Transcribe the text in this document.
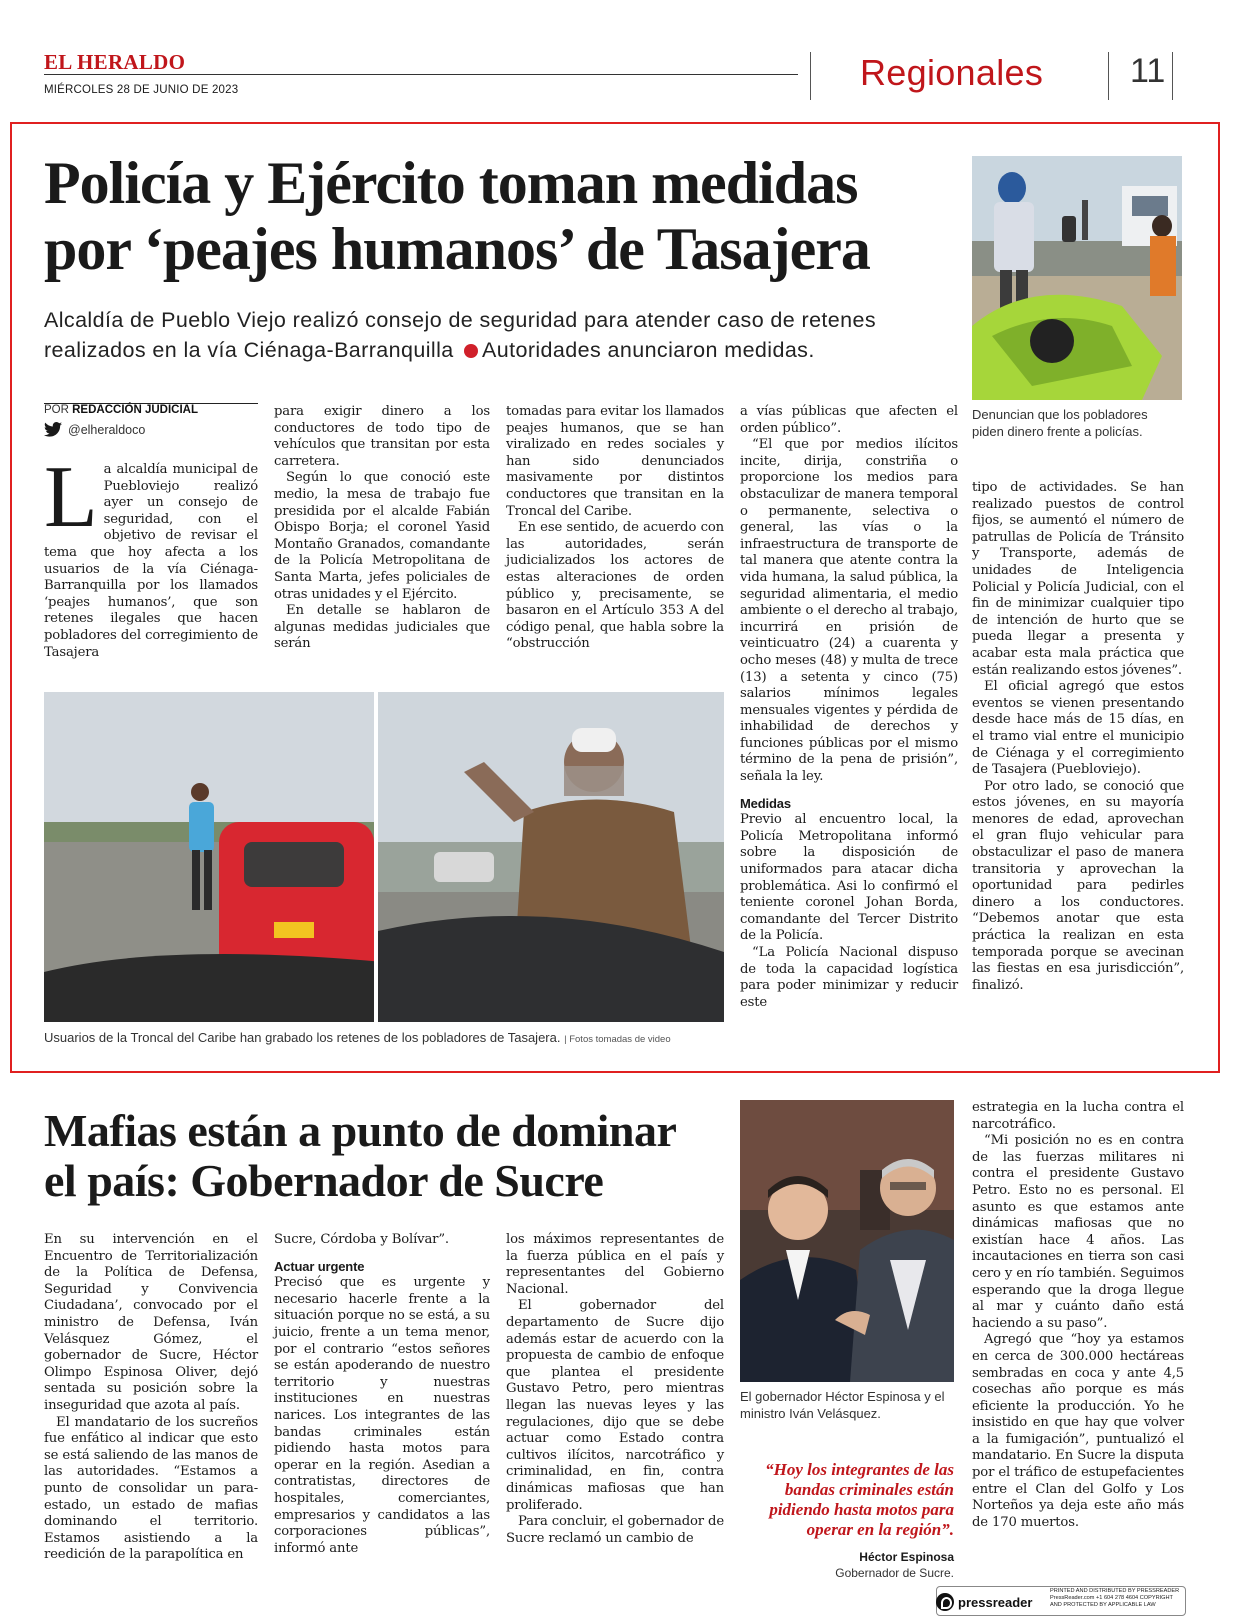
EL HERALDO
MIÉRCOLES 28 DE JUNIO DE 2023	Regionales	11
Policía y Ejército toman medidas
por ‘peajes humanos’ de Tasajera
Alcaldía de Pueblo Viejo realizó consejo de seguridad para atender caso de retenes realizados en la vía Ciénaga-Barranquilla Autoridades anunciaron medidas.
Denuncian que los pobladores piden dinero frente a policías.
POR REDACCIÓN JUDICIAL
@elheraldoco

La alcaldía municipal de Puebloviejo realizó ayer un consejo de seguridad, con el objetivo de revisar el tema que hoy afecta a los usuarios de la vía Ciénaga-Barranquilla por los llamados ‘peajes humanos’, que son retenes ilegales que hacen pobladores del corregimiento de Tasajera

para exigir dinero a los conductores de todo tipo de vehículos que transitan por esta carretera.

Según lo que conoció este medio, la mesa de trabajo fue presidida por el alcalde Fabián Obispo Borja; el coronel Yasid Montaño Granados, comandante de la Policía Metropolitana de Santa Marta, jefes policiales de otras unidades y el Ejército.

En detalle se hablaron de algunas medidas judiciales que serán

tomadas para evitar los llamados peajes humanos, que se han viralizado en redes sociales y han sido denunciados masivamente por distintos conductores que transitan en la Troncal del Caribe.

En ese sentido, de acuerdo con las autoridades, serán judicializados los actores de estas alteraciones de orden público y, precisamente, se basaron en el Artículo 353 A del código penal, que habla sobre la “obstrucción

a vías públicas que afecten el orden público”.

“El que por medios ilícitos incite, dirija, constriña o proporcione los medios para obstaculizar de manera temporal o permanente, selectiva o general, las vías o la infraestructura de transporte de tal manera que atente contra la vida humana, la salud pública, la seguridad alimentaria, el medio ambiente o el derecho al trabajo, incurrirá en prisión de veinticuatro (24) a cuarenta y ocho meses (48) y multa de trece (13) a setenta y cinco (75) salarios mínimos legales mensuales vigentes y pérdida de inhabilidad de derechos y funciones públicas por el mismo término de la pena de prisión”, señala la ley.

Medidas

Previo al encuentro local, la Policía Metropolitana informó sobre la disposición de uniformados para atacar dicha problemática. Asi lo confirmó el teniente coronel Johan Borda, comandante del Tercer Distrito de la Policía.

“La Policía Nacional dispuso de toda la capacidad logística para poder minimizar y reducir este

tipo de actividades. Se han realizado puestos de control fijos, se aumentó el número de patrullas de Policía de Tránsito y Transporte, además de unidades de Inteligencia Policial y Policía Judicial, con el fin de minimizar cualquier tipo de intención de hurto que se pueda llegar a presenta y acabar esta mala práctica que están realizando estos jóvenes”.

El oficial agregó que estos eventos se vienen presentando desde hace más de 15 días, en el tramo vial entre el municipio de Ciénaga y el corregimiento de Tasajera (Puebloviejo).

Por otro lado, se conoció que estos jóvenes, en su mayoría menores de edad, aprovechan el gran flujo vehicular para obstaculizar el paso de manera transitoria y aprovechan la oportunidad para pedirles dinero a los conductores. “Debemos anotar que esta práctica la realizan en esta temporada porque se avecinan las fiestas en esa jurisdicción”, finalizó.

Usuarios de la Troncal del Caribe han grabado los retenes de los pobladores de Tasajera. | Fotos tomadas de video
Mafias están a punto de dominar
el país: Gobernador de Sucre

En su intervención en el Encuentro de Territorialización de la Política de Defensa, Seguridad y Convivencia Ciudadana’, convocado por el ministro de Defensa, Iván Velásquez Gómez, el gobernador de Sucre, Héctor Olimpo Espinosa Oliver, dejó sentada su posición sobre la inseguridad que azota al país.

El mandatario de los sucreños fue enfático al indicar que esto se está saliendo de las manos de las autoridades. “Estamos a punto de consolidar un para-estado, un estado de mafias dominando el territorio. Estamos asistiendo a la reedición de la parapolítica en

Sucre, Córdoba y Bolívar”.

Actuar urgente

Precisó que es urgente y necesario hacerle frente a la situación porque no se está, a su juicio, frente a un tema menor, por el contrario “estos señores se están apoderando de nuestro territorio y nuestras instituciones en nuestras narices. Los integrantes de las bandas criminales están pidiendo hasta motos para operar en la región. Asedian a contratistas, directores de hospitales, comerciantes, empresarios y candidatos a las corporaciones públicas”, informó ante

los máximos representantes de la fuerza pública en el país y representantes del Gobierno Nacional.

El gobernador del departamento de Sucre dijo además estar de acuerdo con la propuesta de cambio de enfoque que plantea el presidente Gustavo Petro, pero mientras llegan las nuevas leyes y las regulaciones, dijo que se debe actuar como Estado contra cultivos ilícitos, narcotráfico y criminalidad, en fin, contra dinámicas mafiosas que han proliferado.

Para concluir, el gobernador de Sucre reclamó un cambio de

El gobernador Héctor Espinosa y el ministro Iván Velásquez.
“Hoy los integrantes de las bandas criminales están pidiendo hasta motos para operar en la región”.
Héctor Espinosa
Gobernador de Sucre.

estrategia en la lucha contra el narcotráfico.

“Mi posición no es en contra de las fuerzas militares ni contra el presidente Gustavo Petro. Esto no es personal. El asunto es que estamos ante dinámicas mafiosas que no existían hace 4 años. Las incautaciones en tierra son casi cero y en río también. Seguimos esperando que la droga llegue al mar y cuánto daño está haciendo a su paso”.

Agregó que “hoy ya estamos en cerca de 300.000 hectáreas sembradas en coca y ante 4,5 cosechas año porque es más eficiente la producción. Yo he insistido en que hay que volver a la fumigación”, puntualizó el mandatario. En Sucre la disputa por el tráfico de estupefacientes entre el Clan del Golfo y Los Norteños ya deja este año más de 170 muertos.

pressreader
PRINTED AND DISTRIBUTED BY PRESSREADER PressReader.com +1 604 278 4604 COPYRIGHT AND PROTECTED BY APPLICABLE LAW
